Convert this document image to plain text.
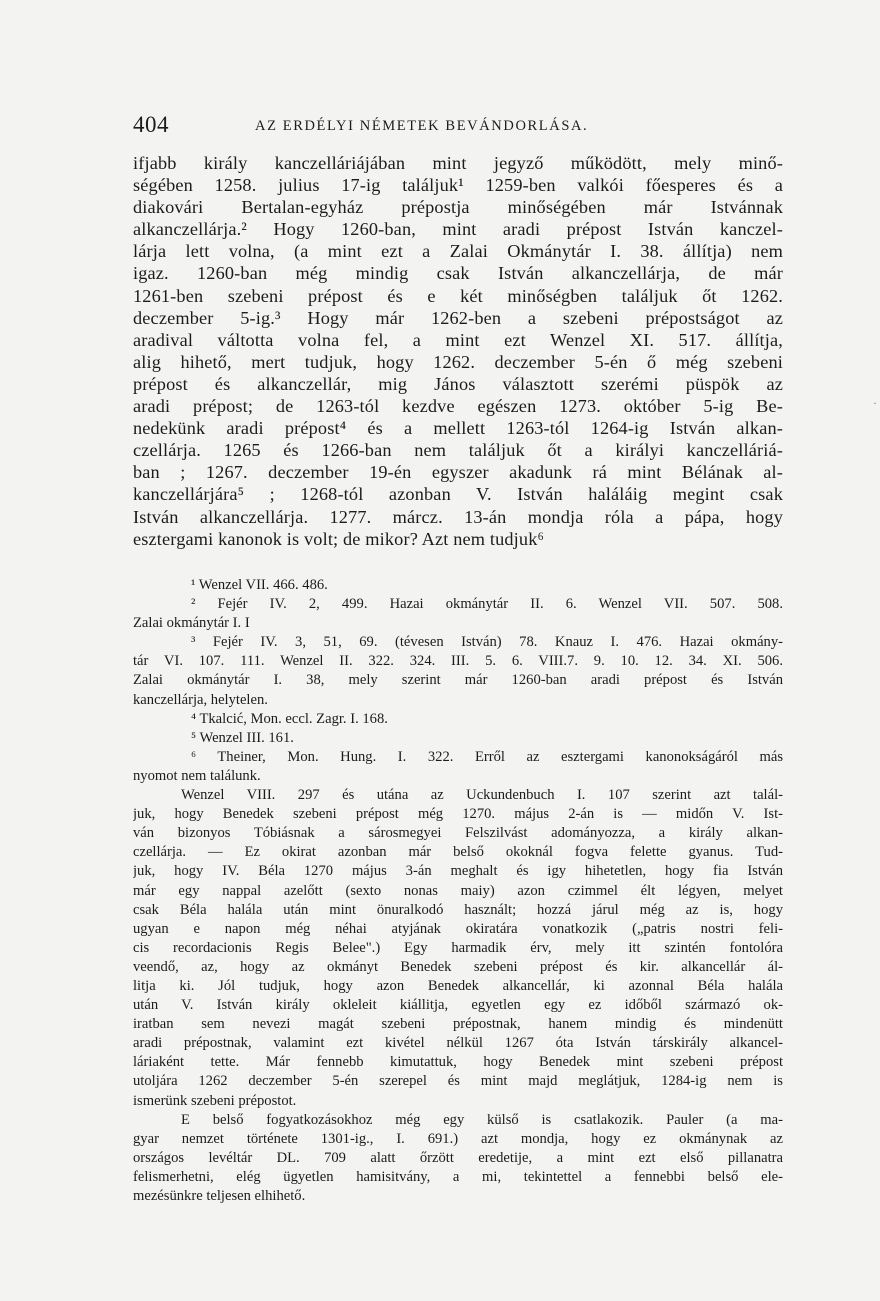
404	AZ ERDÉLYI NÉMETEK BEVÁNDORLÁSA.
ifjabb király kanczelláriájában mint jegyző működött, mely minő-
ségében 1258. julius 17-ig találjuk¹ 1259-ben valkói főesperes és a
diakovári Bertalan-egyház prépostja minőségében már Istvánnak
alkanczellárja.² Hogy 1260-ban, mint aradi prépost István kanczel-
lárja lett volna, (a mint ezt a Zalai Okmánytár I. 38. állítja) nem
igaz. 1260-ban még mindig csak István alkanczellárja, de már
1261-ben szebeni prépost és e két minőségben találjuk őt 1262.
deczember 5-ig.³ Hogy már 1262-ben a szebeni prépostságot az
aradival váltotta volna fel, a mint ezt Wenzel XI. 517. állítja,
alig hihető, mert tudjuk, hogy 1262. deczember 5-én ő még szebeni
prépost és alkanczellár, mig János választott szerémi püspök az
aradi prépost; de 1263-tól kezdve egészen 1273. október 5-ig Be-
nedekünk aradi prépost⁴ és a mellett 1263-tól 1264-ig István alkan-
czellárja. 1265 és 1266-ban nem találjuk őt a királyi kanczelláriá-
ban ; 1267. deczember 19-én egyszer akadunk rá mint Bélának al-
kanczellárjára⁵ ; 1268-tól azonban V. István haláláig megint csak
István alkanczellárja. 1277. márcz. 13-án mondja róla a pápa, hogy
esztergami kanonok is volt; de mikor? Azt nem tudjuk⁶
¹ Wenzel VII. 466. 486.
² Fejér IV. 2, 499. Hazai okmánytár II. 6. Wenzel VII. 507. 508.
Zalai okmánytár I. I
³ Fejér IV. 3, 51, 69. (tévesen István) 78. Knauz I. 476. Hazai okmány-
tár VI. 107. 111. Wenzel II. 322. 324. III. 5. 6. VIII.7. 9. 10. 12. 34. XI. 506.
Zalai okmánytár I. 38, mely szerint már 1260-ban aradi prépost és István
kanczellárja, helytelen.
⁴ Tkalcić, Mon. eccl. Zagr. I. 168.
⁵ Wenzel III. 161.
⁶ Theiner, Mon. Hung. I. 322. Erről az esztergami kanonokságáról más
nyomot nem találunk.
Wenzel VIII. 297 és utána az Uckundenbuch I. 107 szerint azt talál-
juk, hogy Benedek szebeni prépost még 1270. május 2-án is — midőn V. Ist-
ván bizonyos Tóbiásnak a sárosmegyei Felszilvást adományozza, a király alkan-
czellárja. — Ez okirat azonban már belső okoknál fogva felette gyanus. Tud-
juk, hogy IV. Béla 1270 május 3-án meghalt és igy hihetetlen, hogy fia István
már egy nappal azelőtt (sexto nonas maiy) azon czimmel élt légyen, melyet
csak Béla halála után mint önuralkodó használt; hozzá járul még az is, hogy
ugyan e napon még néhai atyjának okiratára vonatkozik („patris nostri feli-
cis recordacionis Regis Belee".) Egy harmadik érv, mely itt szintén fontolóra
veendő, az, hogy az okmányt Benedek szebeni prépost és kir. alkancellár ál-
litja ki. Jól tudjuk, hogy azon Benedek alkancellár, ki azonnal Béla halála
után V. István király okleleit kiállitja, egyetlen egy ez időből származó ok-
iratban sem nevezi magát szebeni prépostnak, hanem mindig és mindenütt
aradi prépostnak, valamint ezt kivétel nélkül 1267 óta István társkirály alkancel-
láriaként tette. Már fennebb kimutattuk, hogy Benedek mint szebeni prépost
utoljára 1262 deczember 5-én szerepel és mint majd meglátjuk, 1284-ig nem is
ismerünk szebeni prépostot.
E belső fogyatkozásokhoz még egy külső is csatlakozik. Pauler (a ma-
gyar nemzet története 1301-ig., I. 691.) azt mondja, hogy ez okmánynak az
országos levéltár DL. 709 alatt őrzött eredetije, a mint ezt első pillanatra
felismerhetni, elég ügyetlen hamisitvány, a mi, tekintettel a fennebbi belső ele-
mezésünkre teljesen elhihető.
·
